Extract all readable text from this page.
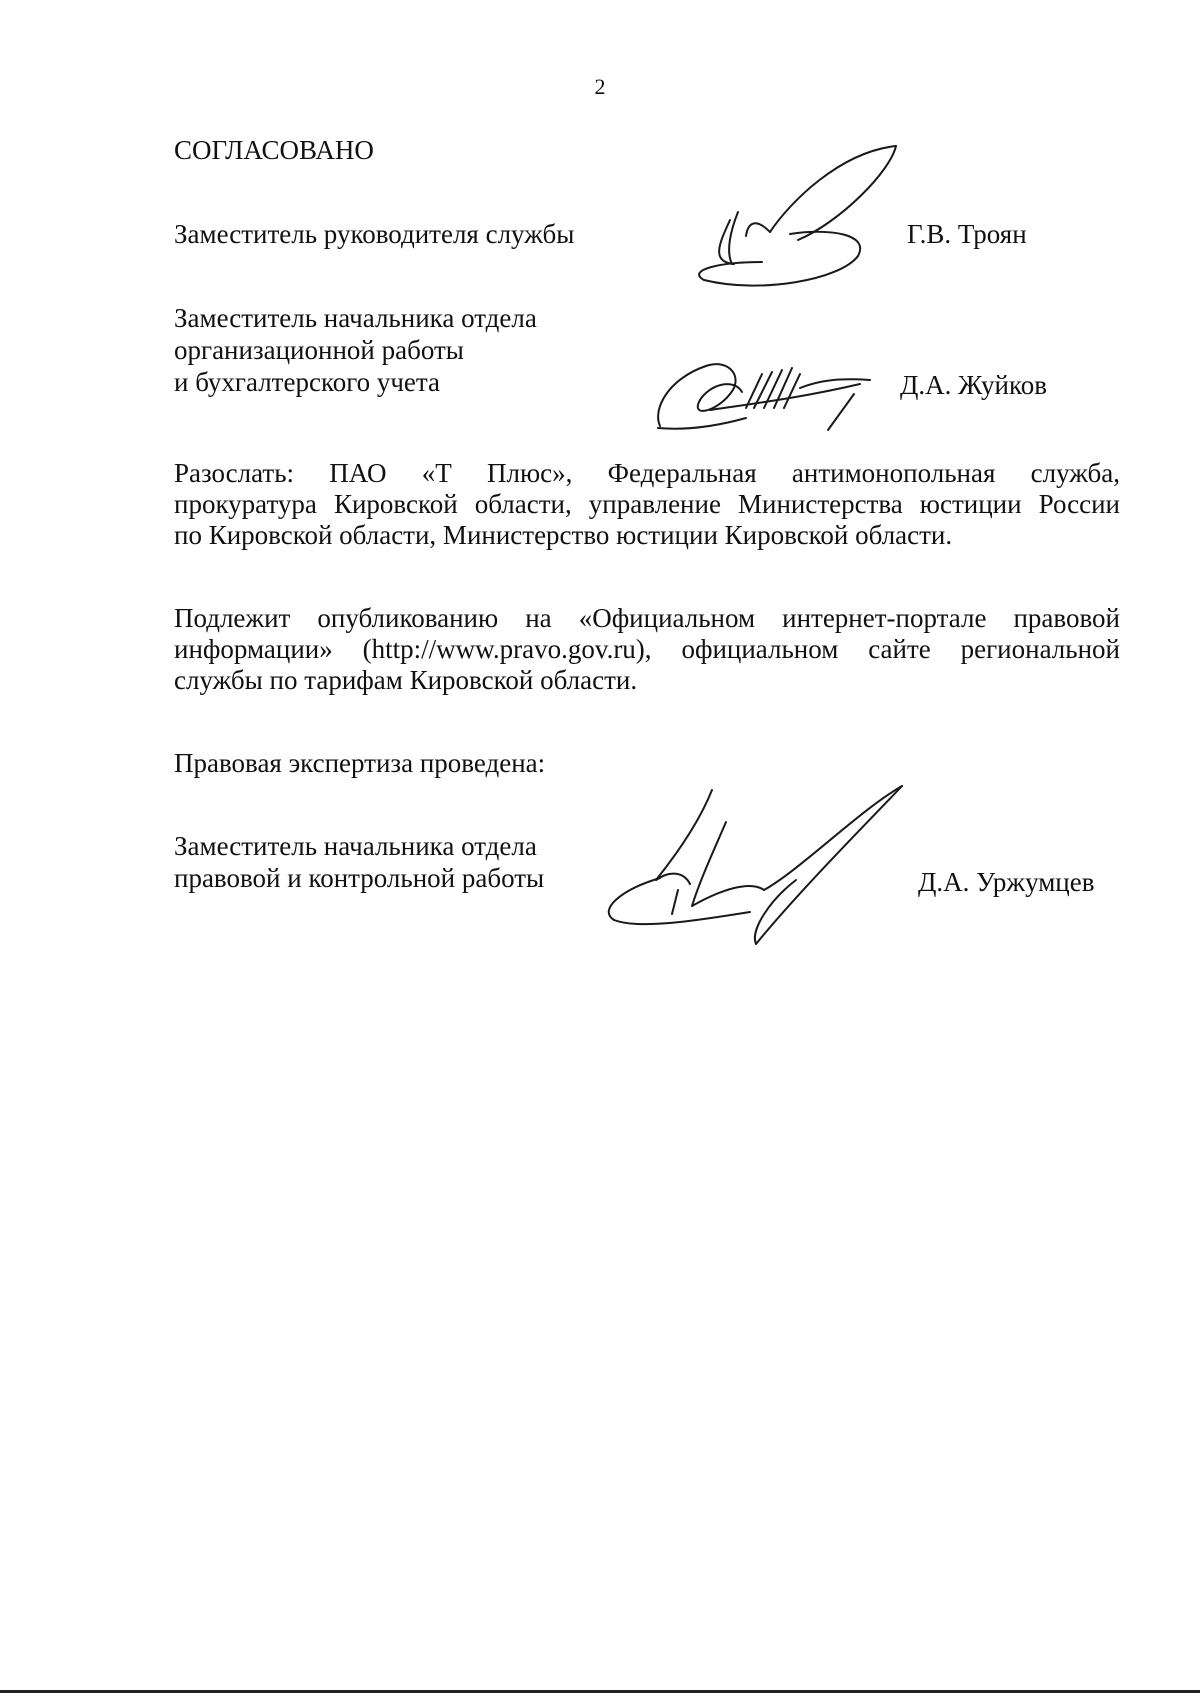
2
СОГЛАСОВАНО
Заместитель руководителя службы	Г.В. Троян
Заместитель начальника отдела
организационной работы
и бухгалтерского учета	Д.А. Жуйков
Разослать: ПАО «Т Плюс», Федеральная антимонопольная служба,
прокуратура Кировской области, управление Министерства юстиции России
по Кировской области, Министерство юстиции Кировской области.
Подлежит опубликованию на «Официальном интернет-портале правовой
информации» (http://www.pravo.gov.ru), официальном сайте региональной
службы по тарифам Кировской области.
Правовая экспертиза проведена:
Заместитель начальника отдела
правовой и контрольной работы	Д.А. Уржумцев
